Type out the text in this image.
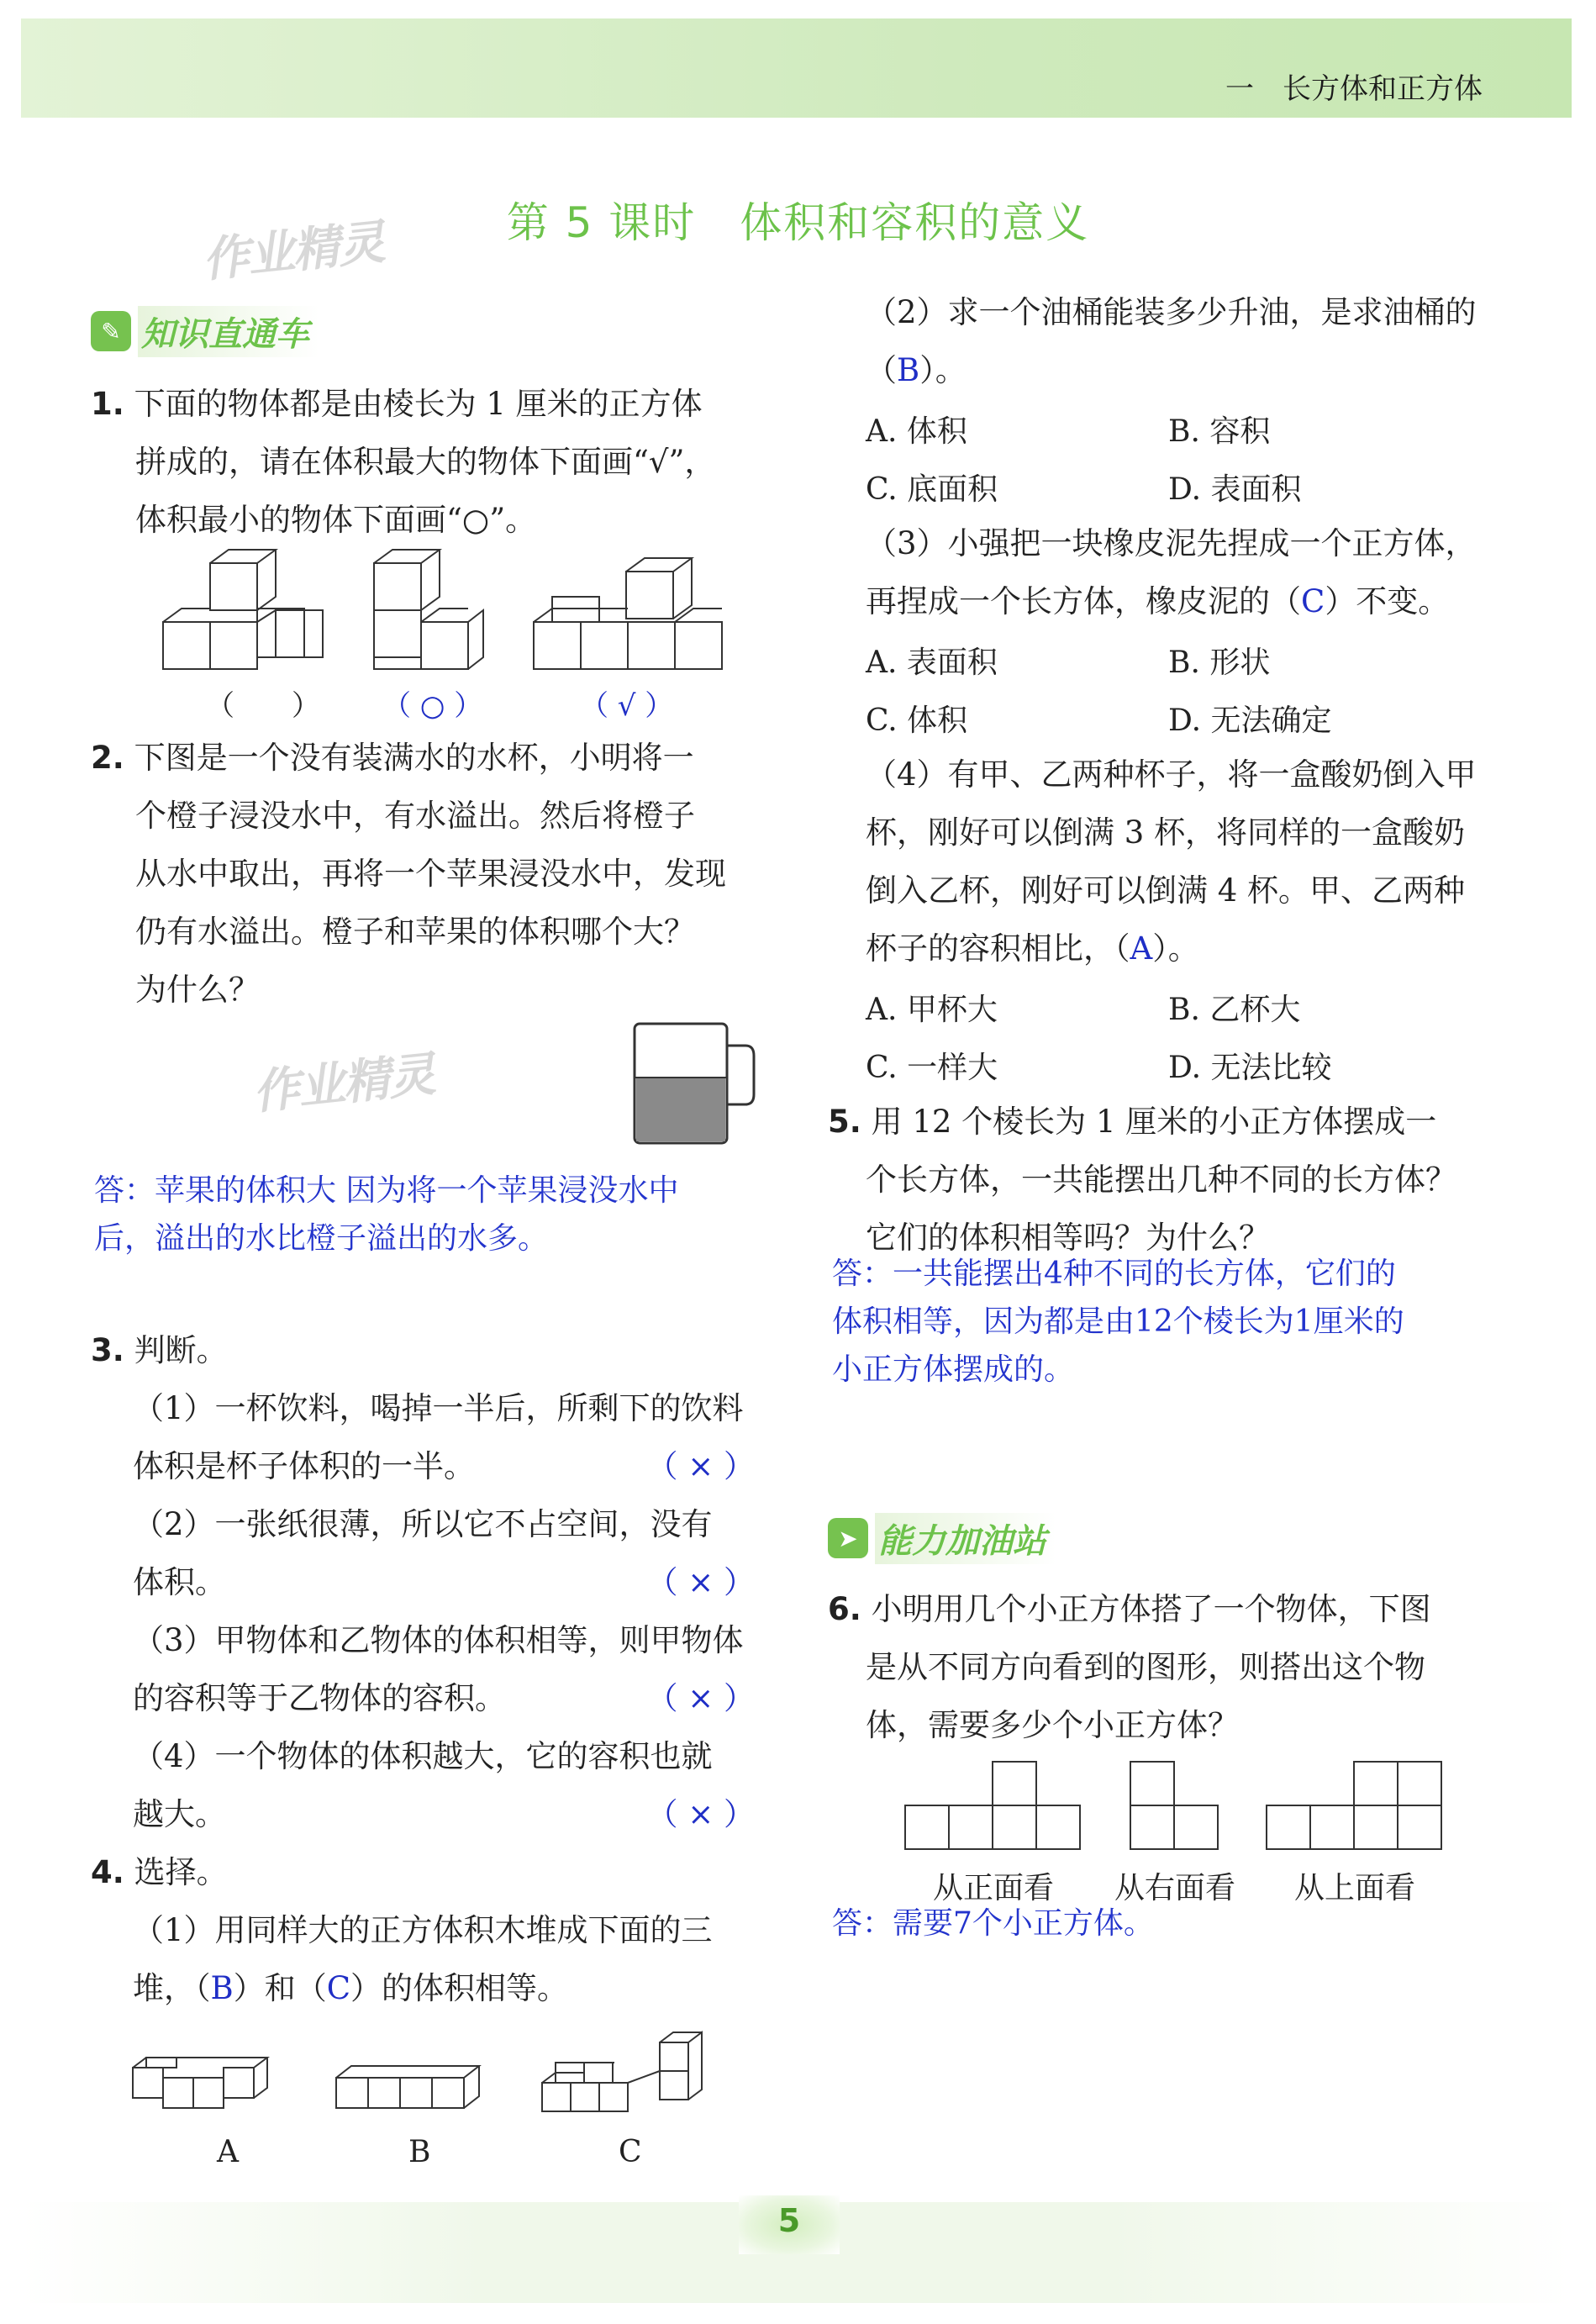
一　长方体和正方体
第 5 课时　体积和容积的意义
作业精灵
✎ 知识直通车
1. 下面的物体都是由棱长为 1 厘米的正方体
拼成的，请在体积最大的物体下面画“√”，
体积最小的物体下面画“○”。
（　　） （ ○ ）	（ √ ）
2. 下图是一个没有装满水的水杯，小明将一
个橙子浸没水中，有水溢出。然后将橙子
从水中取出，再将一个苹果浸没水中，发现
仍有水溢出。橙子和苹果的体积哪个大？
为什么？
作业精灵
答：苹果的体积大 因为将一个苹果浸没水中
后，溢出的水比橙子溢出的水多。
3. 判断。
（1）一杯饮料，喝掉一半后，所剩下的饮料
体积是杯子体积的一半。	（ × ）
（2）一张纸很薄，所以它不占空间，没有
体积。	（ × ）
（3）甲物体和乙物体的体积相等，则甲物体
的容积等于乙物体的容积。	（ × ）
（4）一个物体的体积越大，它的容积也就
越大。	（ × ）
4. 选择。
（1）用同样大的正方体积木堆成下面的三
堆，（B）和（C）的体积相等。
A	B	C
（2）求一个油桶能装多少升油，是求油桶的
（B）。
A. 体积	B. 容积
C. 底面积	D. 表面积
（3）小强把一块橡皮泥先捏成一个正方体，
再捏成一个长方体，橡皮泥的（C）不变。
A. 表面积	B. 形状
C. 体积	D. 无法确定
（4）有甲、乙两种杯子，将一盒酸奶倒入甲
杯，刚好可以倒满 3 杯，将同样的一盒酸奶
倒入乙杯，刚好可以倒满 4 杯。甲、乙两种
杯子的容积相比，（A）。
A. 甲杯大	B. 乙杯大
C. 一样大	D. 无法比较
5. 用 12 个棱长为 1 厘米的小正方体摆成一
个长方体，一共能摆出几种不同的长方体？
它们的体积相等吗？为什么？
答：一共能摆出4种不同的长方体，它们的
体积相等，因为都是由12个棱长为1厘米的
小正方体摆成的。
➤ 能力加油站
6. 小明用几个小正方体搭了一个物体，下图
是从不同方向看到的图形，则搭出这个物
体，需要多少个小正方体？
从正面看 从右面看 从上面看
答：需要7个小正方体。
5
